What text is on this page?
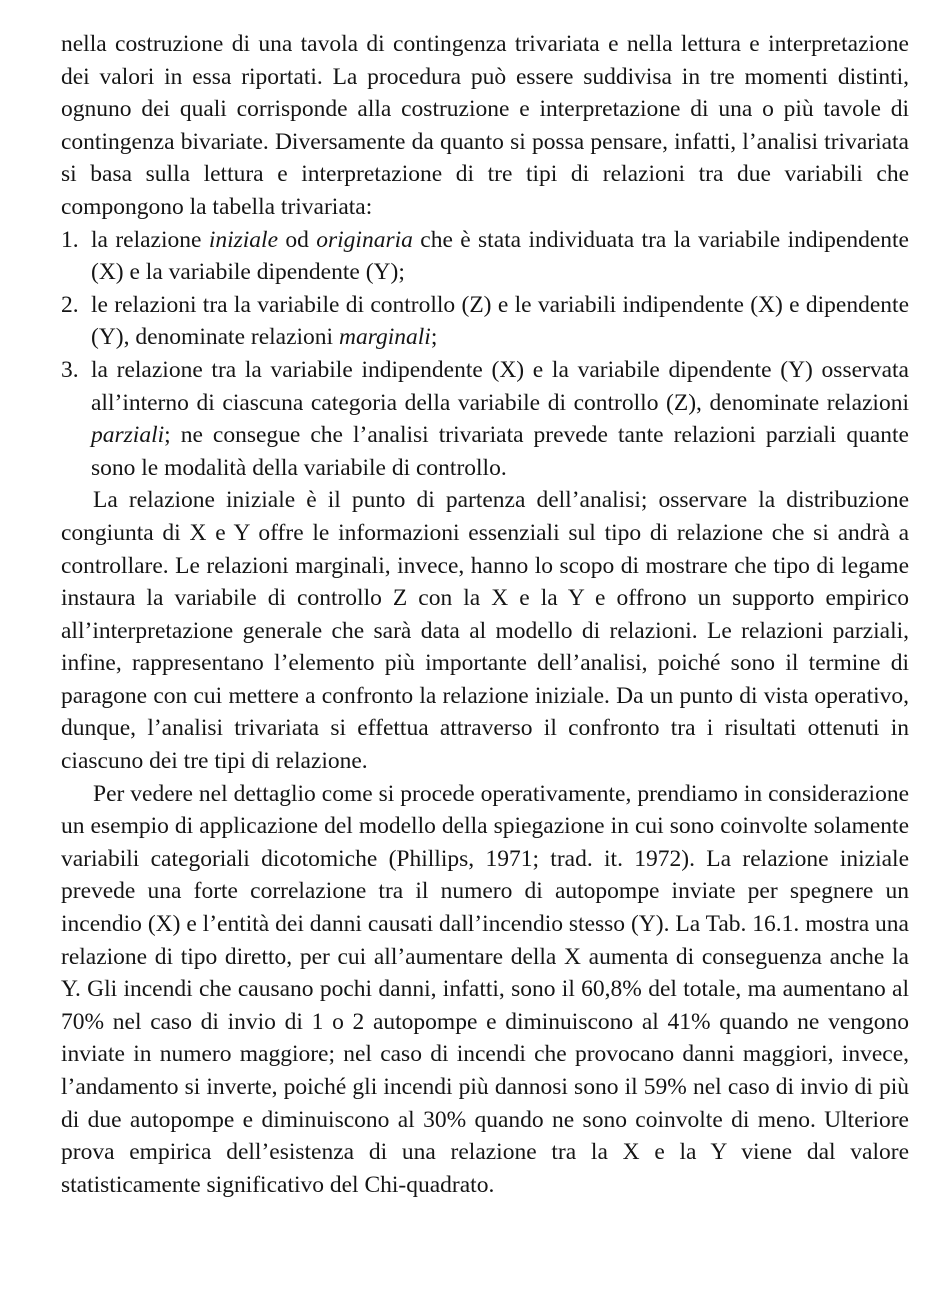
nella costruzione di una tavola di contingenza trivariata e nella lettura e interpretazione dei valori in essa riportati. La procedura può essere suddivisa in tre momenti distinti, ognuno dei quali corrisponde alla costruzione e interpretazione di una o più tavole di contingenza bivariate. Diversamente da quanto si possa pensare, infatti, l’analisi trivariata si basa sulla lettura e interpretazione di tre tipi di relazioni tra due variabili che compongono la tabella trivariata:

1. la relazione iniziale od originaria che è stata individuata tra la variabile indipendente (X) e la variabile dipendente (Y);
2. le relazioni tra la variabile di controllo (Z) e le variabili indipendente (X) e dipendente (Y), denominate relazioni marginali;
3. la relazione tra la variabile indipendente (X) e la variabile dipendente (Y) osservata all’interno di ciascuna categoria della variabile di controllo (Z), denominate relazioni parziali; ne consegue che l’analisi trivariata prevede tante relazioni parziali quante sono le modalità della variabile di controllo.

La relazione iniziale è il punto di partenza dell’analisi; osservare la distribuzione congiunta di X e Y offre le informazioni essenziali sul tipo di relazione che si andrà a controllare. Le relazioni marginali, invece, hanno lo scopo di mostrare che tipo di legame instaura la variabile di controllo Z con la X e la Y e offrono un supporto empirico all’interpretazione generale che sarà data al modello di relazioni. Le relazioni parziali, infine, rappresentano l’elemento più importante dell’analisi, poiché sono il termine di paragone con cui mettere a confronto la relazione iniziale. Da un punto di vista operativo, dunque, l’analisi trivariata si effettua attraverso il confronto tra i risultati ottenuti in ciascuno dei tre tipi di relazione.

Per vedere nel dettaglio come si procede operativamente, prendiamo in considerazione un esempio di applicazione del modello della spiegazione in cui sono coinvolte solamente variabili categoriali dicotomiche (Phillips, 1971; trad. it. 1972). La relazione iniziale prevede una forte correlazione tra il numero di autopompe inviate per spegnere un incendio (X) e l’entità dei danni causati dall’incendio stesso (Y). La Tab. 16.1. mostra una relazione di tipo diretto, per cui all’aumentare della X aumenta di conseguenza anche la Y. Gli incendi che causano pochi danni, infatti, sono il 60,8% del totale, ma aumentano al 70% nel caso di invio di 1 o 2 autopompe e diminuiscono al 41% quando ne vengono inviate in numero maggiore; nel caso di incendi che provocano danni maggiori, invece, l’andamento si inverte, poiché gli incendi più dannosi sono il 59% nel caso di invio di più di due autopompe e diminuiscono al 30% quando ne sono coinvolte di meno. Ulteriore prova empirica dell’esistenza di una relazione tra la X e la Y viene dal valore statisticamente significativo del Chi-quadrato.
